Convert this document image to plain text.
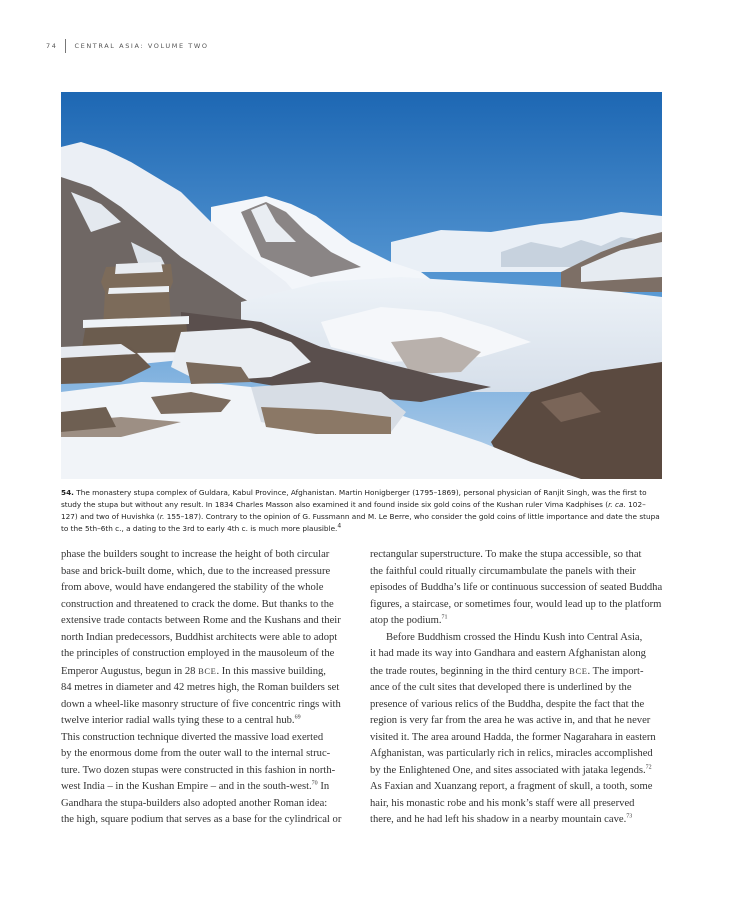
74	CENTRAL ASIA: VOLUME TWO
54. The monastery stupa complex of Guldara, Kabul Province, Afghanistan. Martin Honigberger (1795–1869), personal physician of Ranjit Singh, was the first to study the stupa but without any result. In 1834 Charles Masson also examined it and found inside six gold coins of the Kushan ruler Vima Kadphises (r. ca. 102–127) and two of Huvishka (r. 155–187). Contrary to the opinion of G. Fussmann and M. Le Berre, who consider the gold coins of little importance and date the stupa to the 5th–6th c., a dating to the 3rd to early 4th c. is much more plausible.$^4$
phase the builders sought to increase the height of both circular
base and brick-built dome, which, due to the increased pressure
from above, would have endangered the stability of the whole
construction and threatened to crack the dome. But thanks to the
extensive trade contacts between Rome and the Kushans and their
north Indian predecessors, Buddhist architects were able to adopt
the principles of construction employed in the mausoleum of the
Emperor Augustus, begun in 28 BCE. In this massive building,
84 metres in diameter and 42 metres high, the Roman builders set
down a wheel-like masonry structure of five concentric rings with
twelve interior radial walls tying these to a central hub.$^{69}$
This construction technique diverted the massive load exerted
by the enormous dome from the outer wall to the internal struc-
ture. Two dozen stupas were constructed in this fashion in north-
west India – in the Kushan Empire – and in the south-west.$^{70}$ In
Gandhara the stupa-builders also adopted another Roman idea:
the high, square podium that serves as a base for the cylindrical or
rectangular superstructure. To make the stupa accessible, so that
the faithful could ritually circumambulate the panels with their
episodes of Buddha’s life or continuous succession of seated Buddha
figures, a staircase, or sometimes four, would lead up to the platform
atop the podium.$^{71}$
Before Buddhism crossed the Hindu Kush into Central Asia,
it had made its way into Gandhara and eastern Afghanistan along
the trade routes, beginning in the third century BCE. The import-
ance of the cult sites that developed there is underlined by the
presence of various relics of the Buddha, despite the fact that the
region is very far from the area he was active in, and that he never
visited it. The area around Hadda, the former Nagarahara in eastern
Afghanistan, was particularly rich in relics, miracles accomplished
by the Enlightened One, and sites associated with jataka legends.$^{72}$
As Faxian and Xuanzang report, a fragment of skull, a tooth, some
hair, his monastic robe and his monk’s staff were all preserved
there, and he had left his shadow in a nearby mountain cave.$^{73}$
